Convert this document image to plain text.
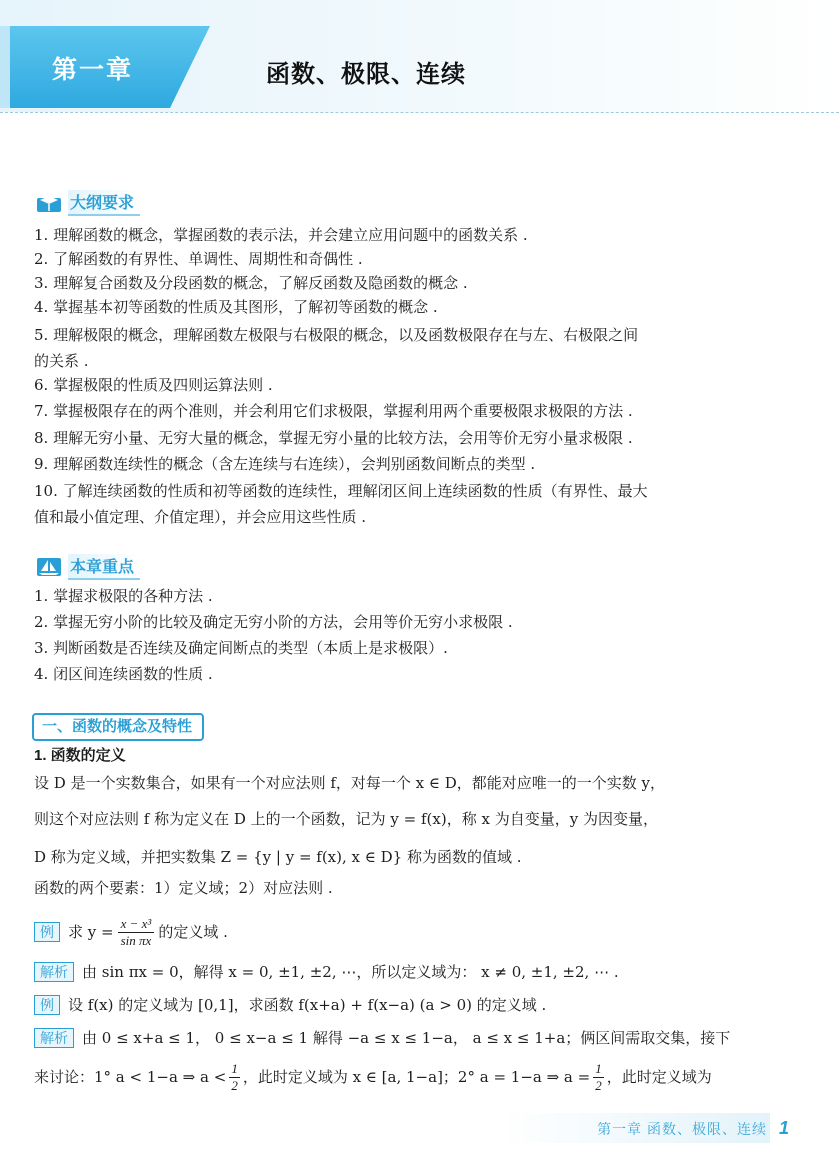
第一章	函数、极限、连续
大纲要求
1. 理解函数的概念，掌握函数的表示法，并会建立应用问题中的函数关系 .
2. 了解函数的有界性、单调性、周期性和奇偶性 .
3. 理解复合函数及分段函数的概念，了解反函数及隐函数的概念 .
4. 掌握基本初等函数的性质及其图形，了解初等函数的概念 .
5. 理解极限的概念，理解函数左极限与右极限的概念，以及函数极限存在与左、右极限之间
的关系 .
6. 掌握极限的性质及四则运算法则 .
7. 掌握极限存在的两个准则，并会利用它们求极限，掌握利用两个重要极限求极限的方法 .
8. 理解无穷小量、无穷大量的概念，掌握无穷小量的比较方法，会用等价无穷小量求极限 .
9. 理解函数连续性的概念（含左连续与右连续），会判别函数间断点的类型 .
10. 了解连续函数的性质和初等函数的连续性，理解闭区间上连续函数的性质（有界性、最大
值和最小值定理、介值定理），并会应用这些性质 .
本章重点
1. 掌握求极限的各种方法 .
2. 掌握无穷小阶的比较及确定无穷小阶的方法，会用等价无穷小求极限 .
3. 判断函数是否连续及确定间断点的类型（本质上是求极限）.
4. 闭区间连续函数的性质 .
一、函数的概念及特性
1. 函数的定义
设 D 是一个实数集合，如果有一个对应法则 f，对每一个 x ∈ D，都能对应唯一的一个实数 y，
则这个对应法则 f 称为定义在 D 上的一个函数，记为 y = f(x)，称 x 为自变量，y 为因变量，
D 称为定义域，并把实数集 Z = {y | y = f(x), x ∈ D} 称为函数的值域 .
函数的两个要素：1）定义域；2）对应法则 .
例 求 $y = \frac{\text{x − x³}}{\text{sin πx}}$ 的定义域 .
解析 由 sin πx = 0，解得 x = 0, ±1, ±2, ⋯，所以定义域为： x ≠ 0, ±1, ±2, ⋯ .
例 设 f(x) 的定义域为 [0,1]，求函数 f(x+a) + f(x−a) (a > 0) 的定义域 .
解析 由 0 ≤ x+a ≤ 1， 0 ≤ x−a ≤ 1 解得 −a ≤ x ≤ 1−a， a ≤ x ≤ 1+a；俩区间需取交集，接下
来讨论：1° a < 1−a ⇒ $a < \frac{1}{2}$ ，此时定义域为 x ∈ [a, 1−a]；2° a = 1−a ⇒ $a = \frac{1}{2}$ ，此时定义域为
第一章 函数、极限、连续 1
